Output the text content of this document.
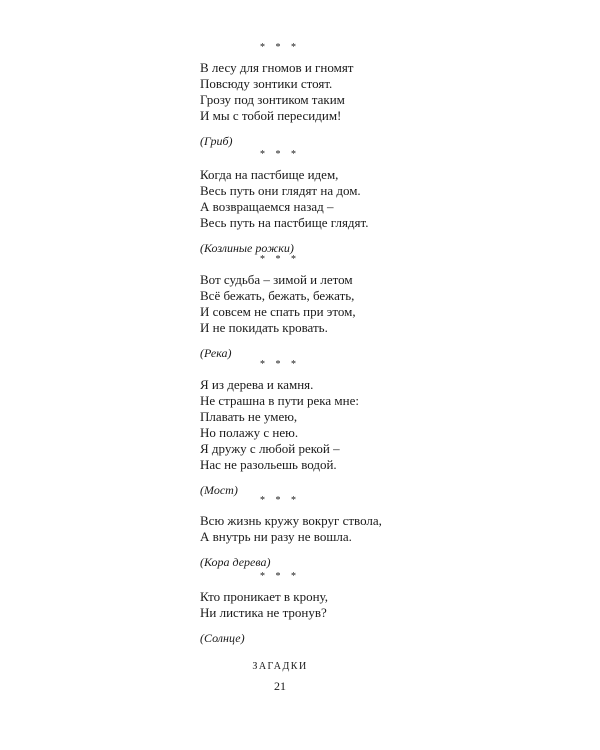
* * *
В лесу для гномов и гномят
Повсюду зонтики стоят.
Грозу под зонтиком таким
И мы с тобой пересидим!
(Гриб)
* * *
Когда на пастбище идем,
Весь путь они глядят на дом.
А возвращаемся назад –
Весь путь на пастбище глядят.
(Козлиные рожки)
* * *
Вот судьба – зимой и летом
Всё бежать, бежать, бежать,
И совсем не спать при этом,
И не покидать кровать.
(Река)
* * *
Я из дерева и камня.
Не страшна в пути река мне:
Плавать не умею,
Но полажу с нею.
Я дружу с любой рекой –
Нас не разольешь водой.
(Мост)
* * *
Всю жизнь кружу вокруг ствола,
А внутрь ни разу не вошла.
(Кора дерева)
* * *
Кто проникает в крону,
Ни листика не тронув?
(Солнце)
ЗАГАДКИ
21
